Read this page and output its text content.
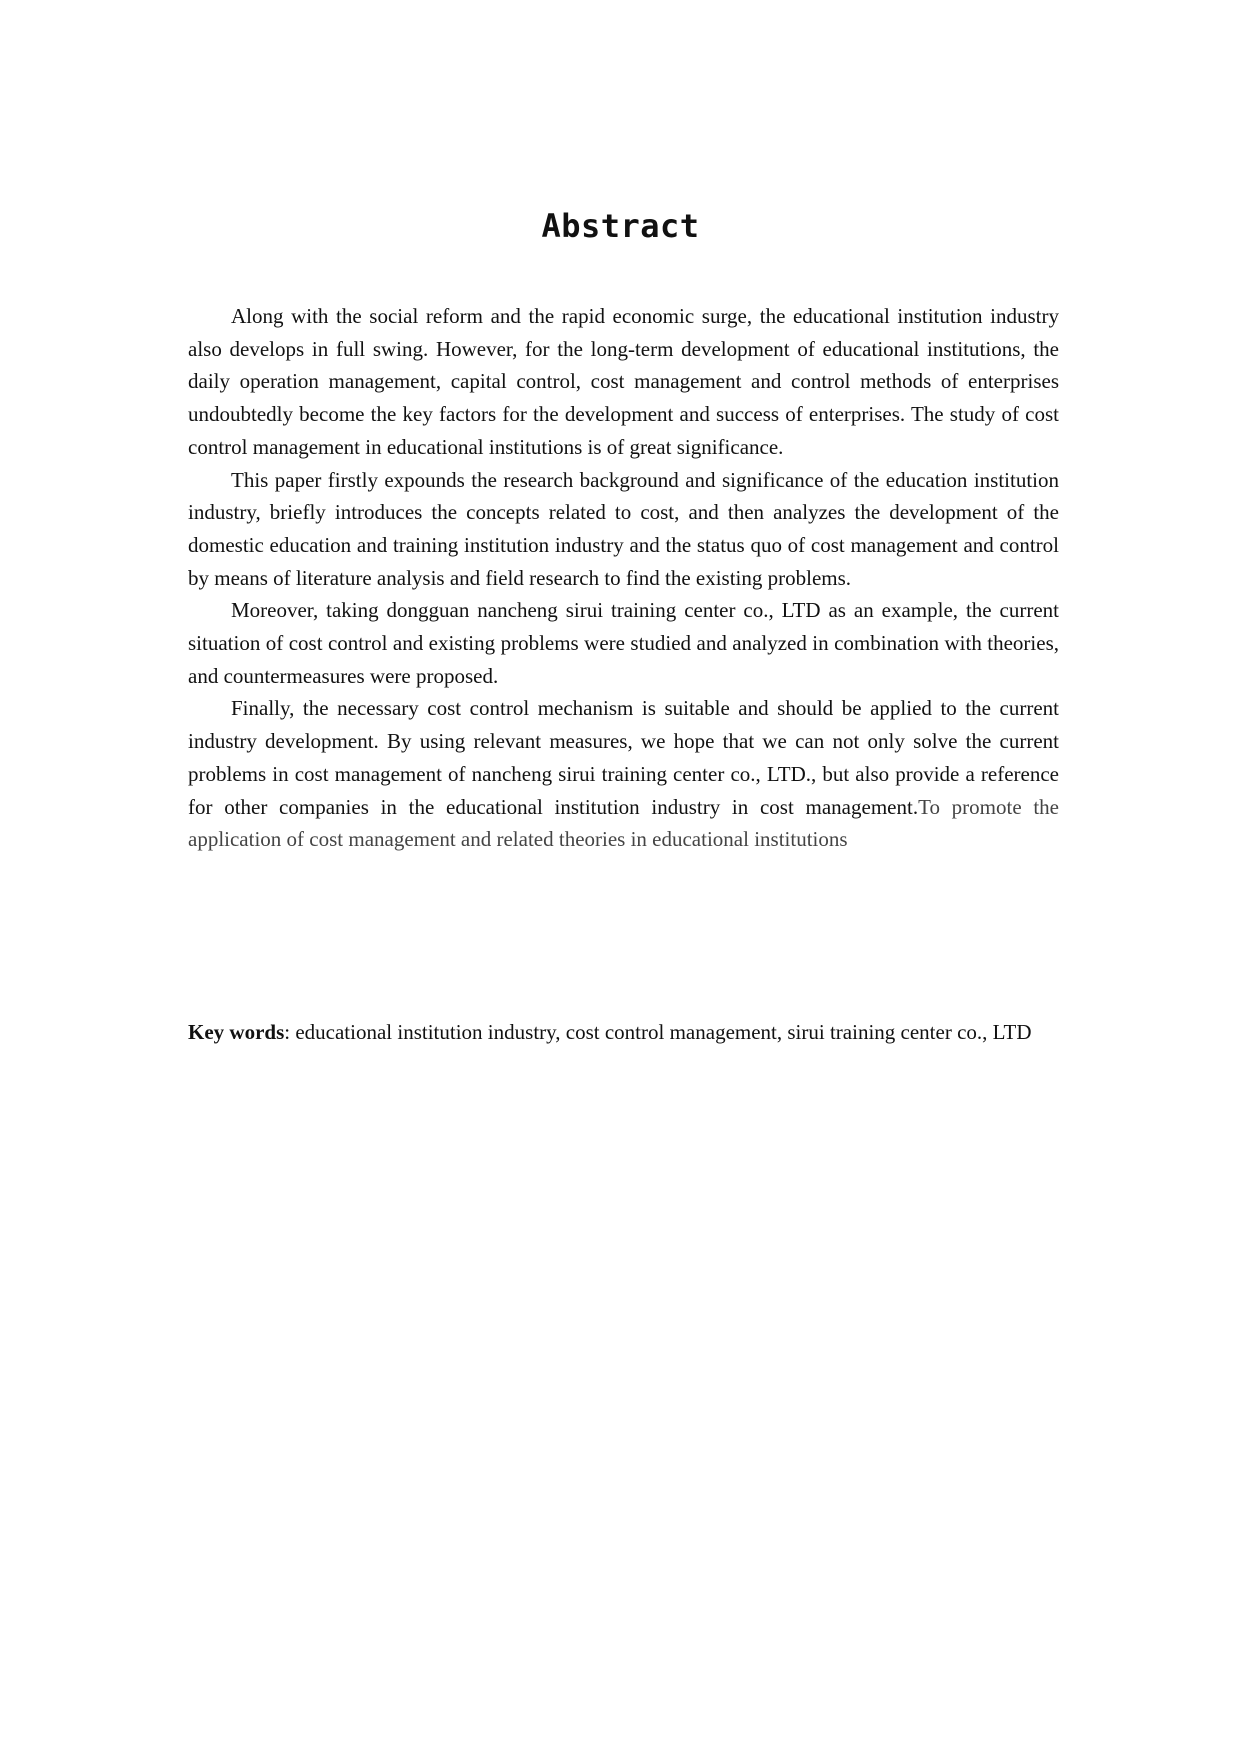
Abstract

Along with the social reform and the rapid economic surge, the educational institution industry also develops in full swing. However, for the long-term development of educational institutions, the daily operation management, capital control, cost management and control methods of enterprises undoubtedly become the key factors for the development and success of enterprises. The study of cost control management in educational institutions is of great significance.

This paper firstly expounds the research background and significance of the education institution industry, briefly introduces the concepts related to cost, and then analyzes the development of the domestic education and training institution industry and the status quo of cost management and control by means of literature analysis and field research to find the existing problems.

Moreover, taking dongguan nancheng sirui training center co., LTD as an example, the current situation of cost control and existing problems were studied and analyzed in combination with theories, and countermeasures were proposed.

Finally, the necessary cost control mechanism is suitable and should be applied to the current industry development. By using relevant measures, we hope that we can not only solve the current problems in cost management of nancheng sirui training center co., LTD., but also provide a reference for other companies in the educational institution industry in cost management.To promote the application of cost management and related theories in educational institutions

Key words: educational institution industry, cost control management, sirui training center co., LTD
